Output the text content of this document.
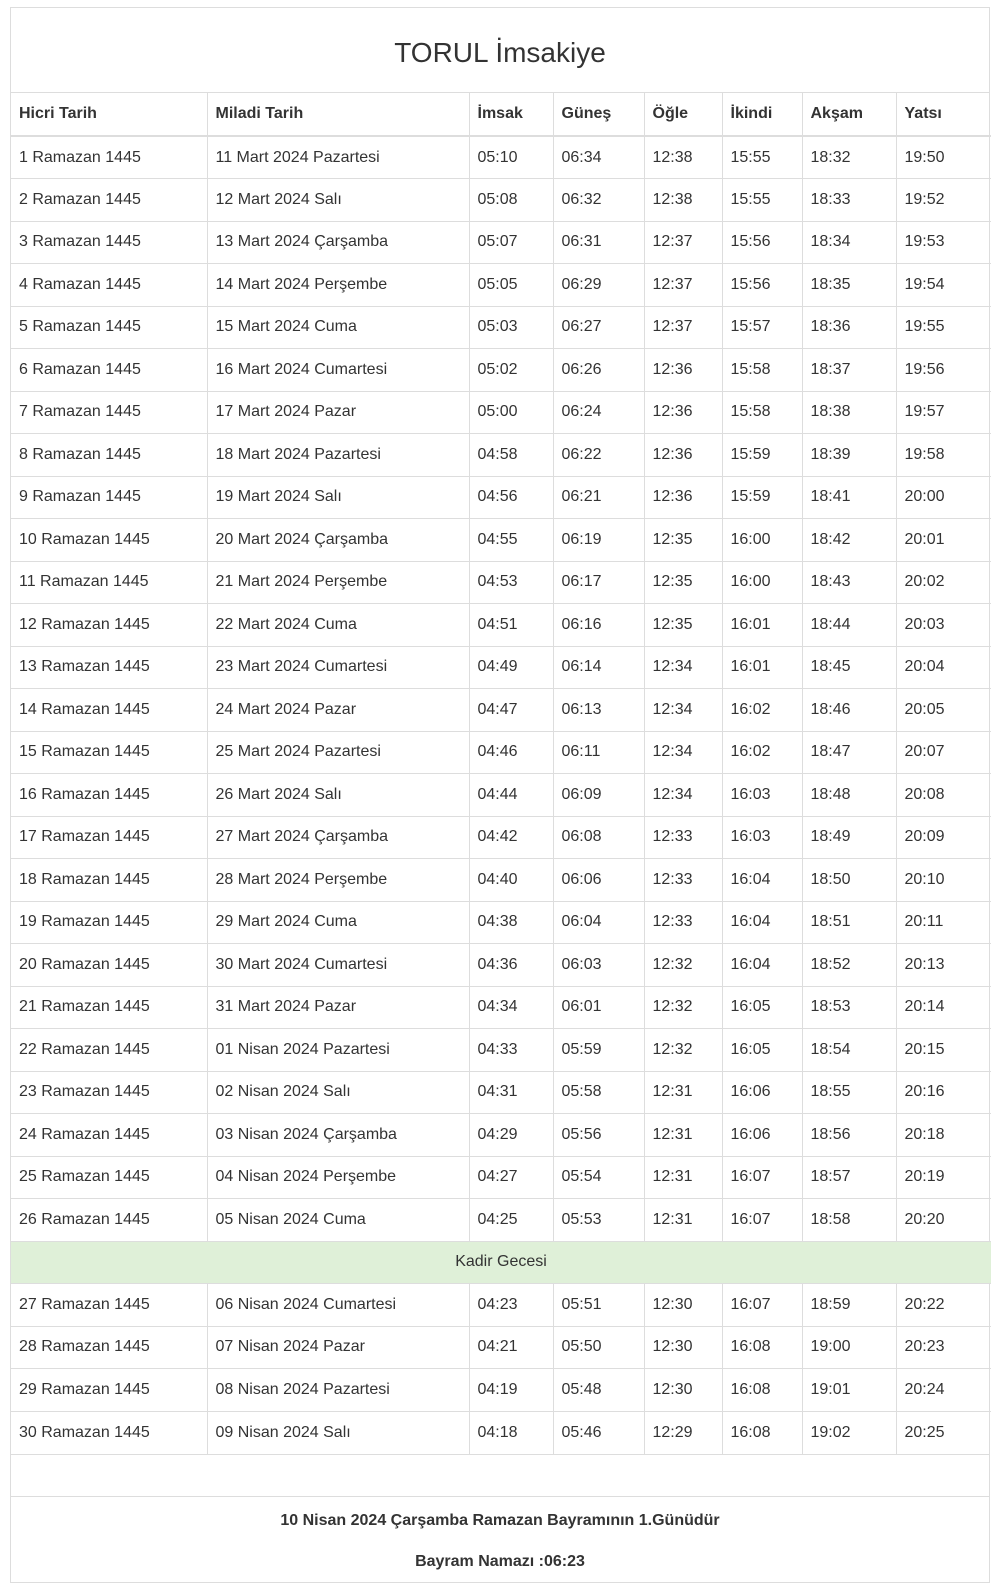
TORUL İmsakiye
Hicri Tarih	Miladi Tarih	İmsak	Güneş	Öğle	İkindi	Akşam	Yatsı
1 Ramazan 1445	11 Mart 2024 Pazartesi	05:10	06:34	12:38	15:55	18:32	19:50
2 Ramazan 1445	12 Mart 2024 Salı	05:08	06:32	12:38	15:55	18:33	19:52
3 Ramazan 1445	13 Mart 2024 Çarşamba	05:07	06:31	12:37	15:56	18:34	19:53
4 Ramazan 1445	14 Mart 2024 Perşembe	05:05	06:29	12:37	15:56	18:35	19:54
5 Ramazan 1445	15 Mart 2024 Cuma	05:03	06:27	12:37	15:57	18:36	19:55
6 Ramazan 1445	16 Mart 2024 Cumartesi	05:02	06:26	12:36	15:58	18:37	19:56
7 Ramazan 1445	17 Mart 2024 Pazar	05:00	06:24	12:36	15:58	18:38	19:57
8 Ramazan 1445	18 Mart 2024 Pazartesi	04:58	06:22	12:36	15:59	18:39	19:58
9 Ramazan 1445	19 Mart 2024 Salı	04:56	06:21	12:36	15:59	18:41	20:00
10 Ramazan 1445	20 Mart 2024 Çarşamba	04:55	06:19	12:35	16:00	18:42	20:01
11 Ramazan 1445	21 Mart 2024 Perşembe	04:53	06:17	12:35	16:00	18:43	20:02
12 Ramazan 1445	22 Mart 2024 Cuma	04:51	06:16	12:35	16:01	18:44	20:03
13 Ramazan 1445	23 Mart 2024 Cumartesi	04:49	06:14	12:34	16:01	18:45	20:04
14 Ramazan 1445	24 Mart 2024 Pazar	04:47	06:13	12:34	16:02	18:46	20:05
15 Ramazan 1445	25 Mart 2024 Pazartesi	04:46	06:11	12:34	16:02	18:47	20:07
16 Ramazan 1445	26 Mart 2024 Salı	04:44	06:09	12:34	16:03	18:48	20:08
17 Ramazan 1445	27 Mart 2024 Çarşamba	04:42	06:08	12:33	16:03	18:49	20:09
18 Ramazan 1445	28 Mart 2024 Perşembe	04:40	06:06	12:33	16:04	18:50	20:10
19 Ramazan 1445	29 Mart 2024 Cuma	04:38	06:04	12:33	16:04	18:51	20:11
20 Ramazan 1445	30 Mart 2024 Cumartesi	04:36	06:03	12:32	16:04	18:52	20:13
21 Ramazan 1445	31 Mart 2024 Pazar	04:34	06:01	12:32	16:05	18:53	20:14
22 Ramazan 1445	01 Nisan 2024 Pazartesi	04:33	05:59	12:32	16:05	18:54	20:15
23 Ramazan 1445	02 Nisan 2024 Salı	04:31	05:58	12:31	16:06	18:55	20:16
24 Ramazan 1445	03 Nisan 2024 Çarşamba	04:29	05:56	12:31	16:06	18:56	20:18
25 Ramazan 1445	04 Nisan 2024 Perşembe	04:27	05:54	12:31	16:07	18:57	20:19
26 Ramazan 1445	05 Nisan 2024 Cuma	04:25	05:53	12:31	16:07	18:58	20:20
Kadir Gecesi							
27 Ramazan 1445	06 Nisan 2024 Cumartesi	04:23	05:51	12:30	16:07	18:59	20:22
28 Ramazan 1445	07 Nisan 2024 Pazar	04:21	05:50	12:30	16:08	19:00	20:23
29 Ramazan 1445	08 Nisan 2024 Pazartesi	04:19	05:48	12:30	16:08	19:01	20:24
30 Ramazan 1445	09 Nisan 2024 Salı	04:18	05:46	12:29	16:08	19:02	20:25
10 Nisan 2024 Çarşamba Ramazan Bayramının 1.Günüdür
Bayram Namazı :06:23
